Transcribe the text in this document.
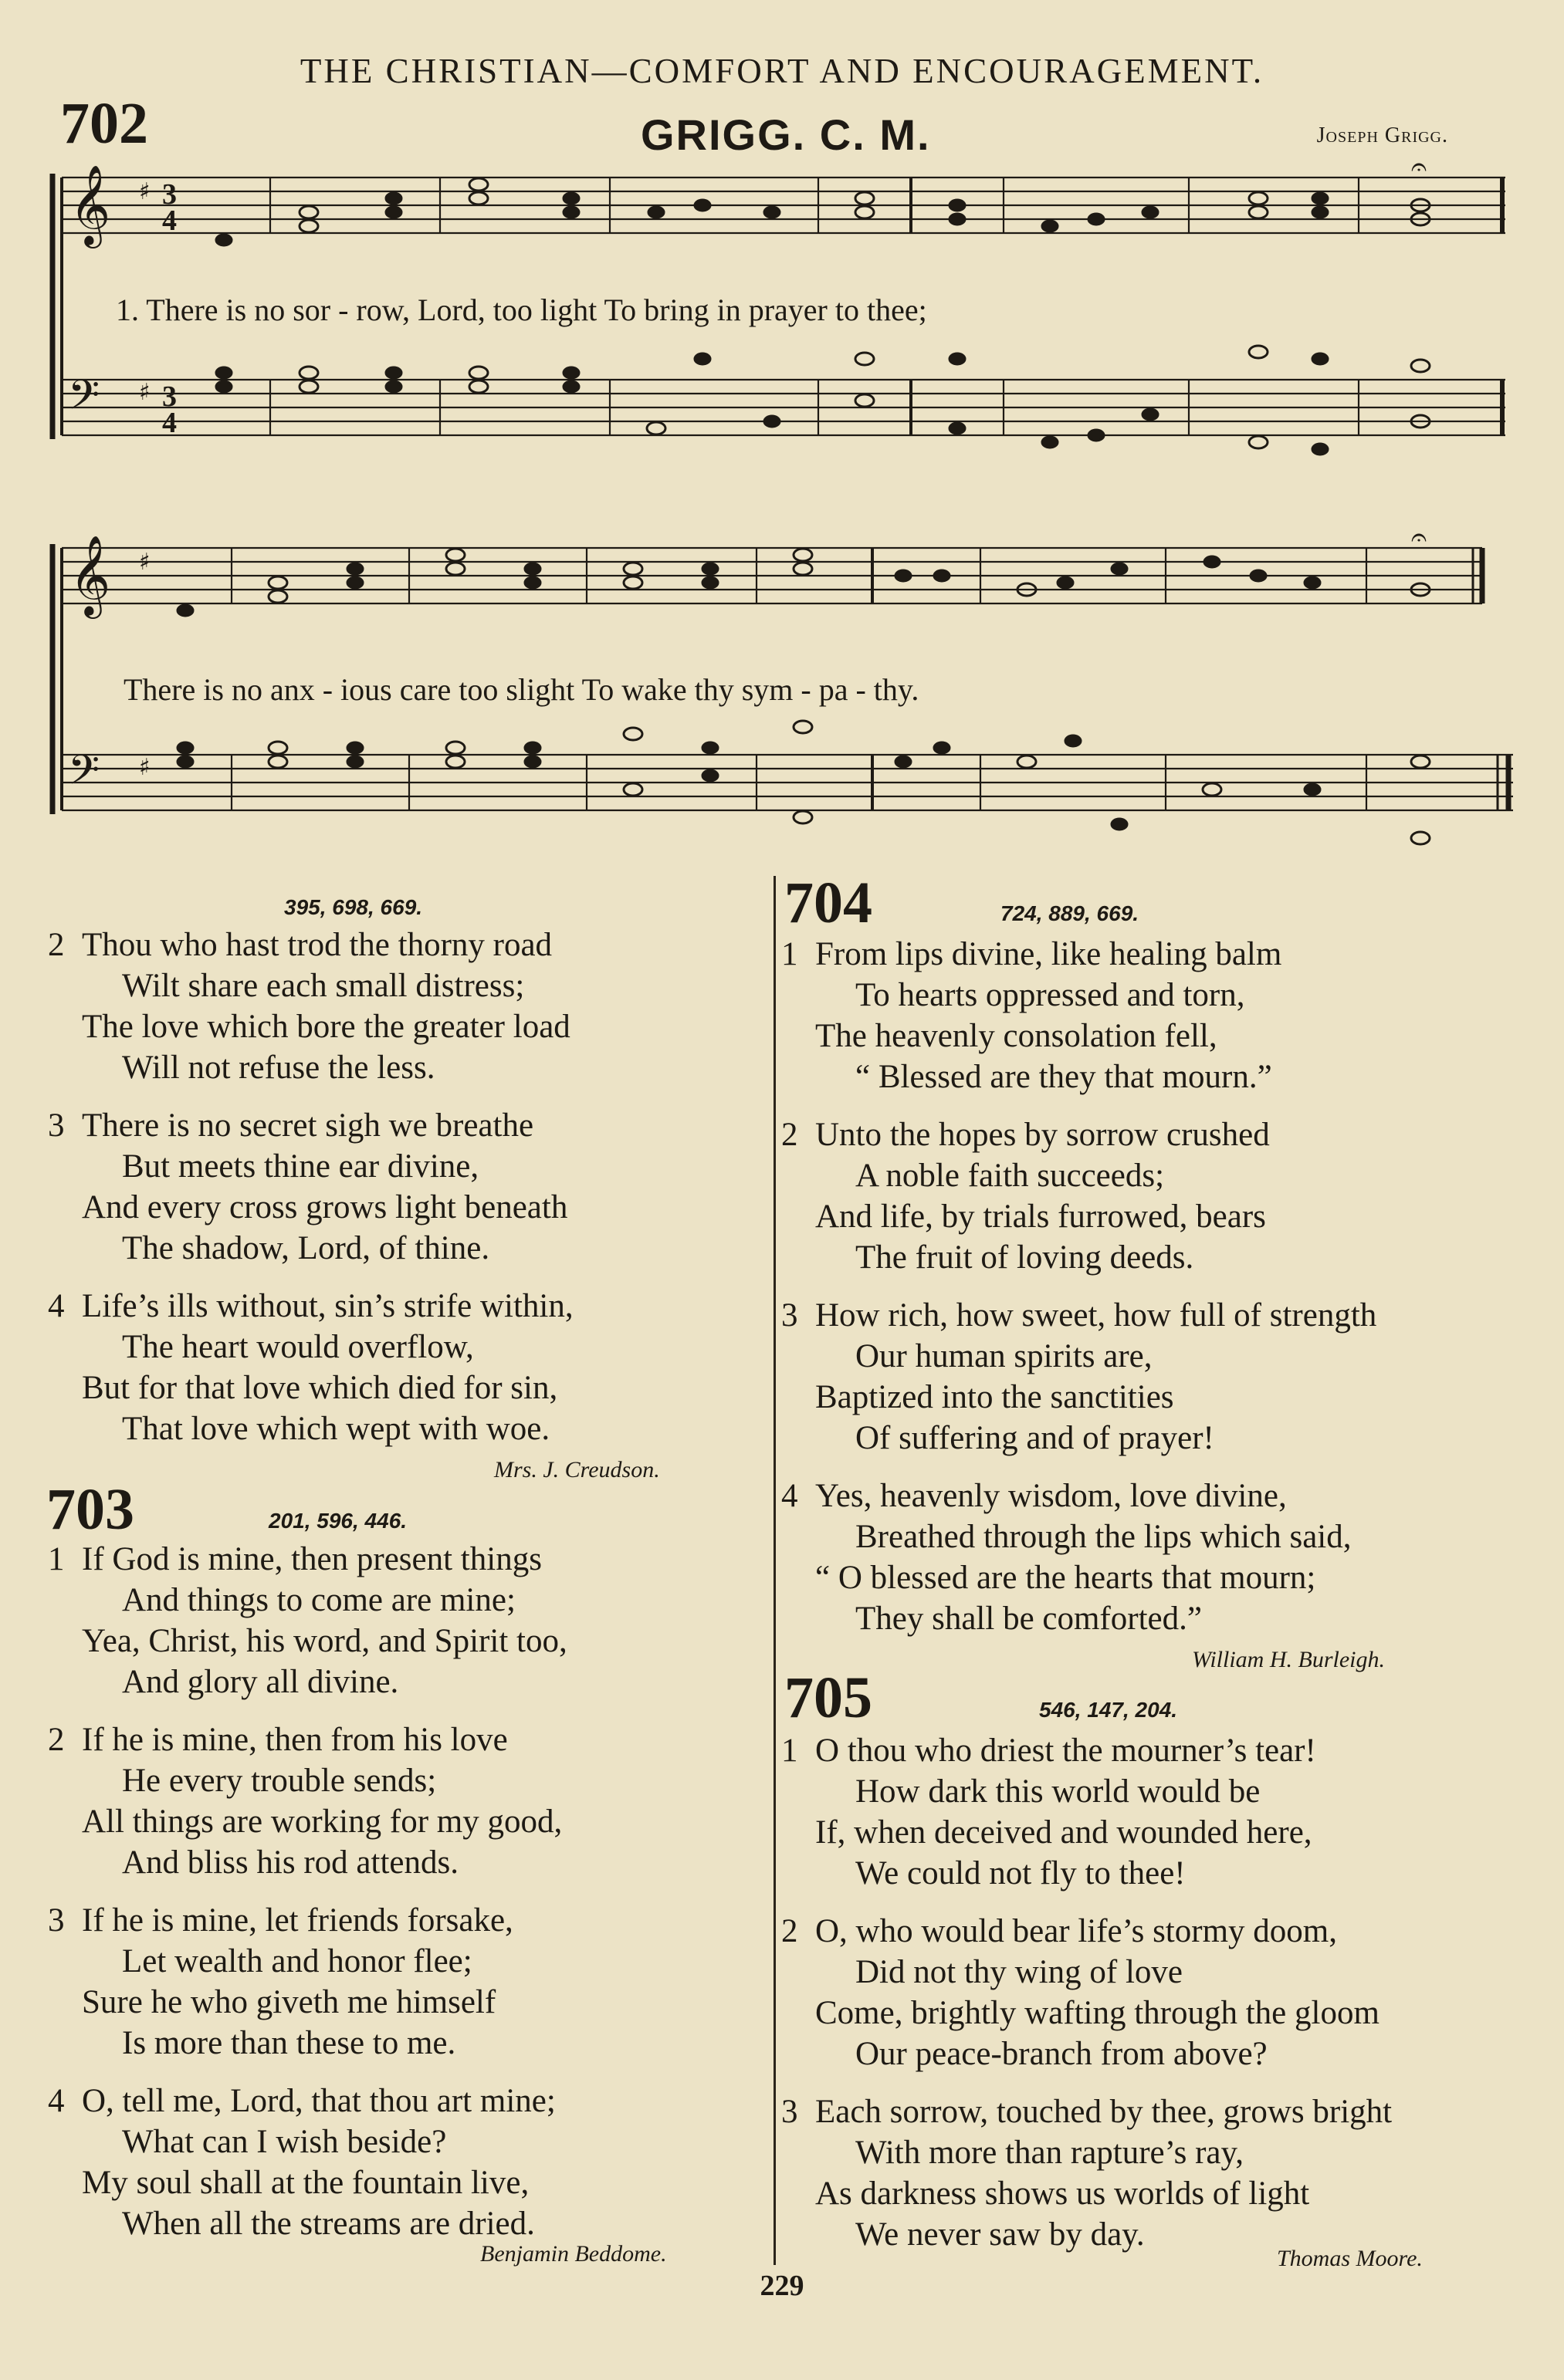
THE CHRISTIAN—COMFORT AND ENCOURAGEMENT.
702	GRIGG. C. M.	Joseph Grigg.
𝄞
𝄢
♯
♯
3
4
3
4
𝄐
1. There is no sor - row, Lord, too light To bring in prayer to thee;
𝄞
𝄢
♯
♯
𝄐
There is no anx - ious care too slight To wake thy sym - pa - thy.
395, 698, 669.
2 Thou who hast trod the thorny road
Wilt share each small distress;
The love which bore the greater load
Will not refuse the less.
3 There is no secret sigh we breathe
But meets thine ear divine,
And every cross grows light beneath
The shadow, Lord, of thine.
4 Life’s ills without, sin’s strife within,
The heart would overflow,
But for that love which died for sin,
That love which wept with woe.
Mrs. J. Creudson.
703	201, 596, 446.
1 If God is mine, then present things
And things to come are mine;
Yea, Christ, his word, and Spirit too,
And glory all divine.
2 If he is mine, then from his love
He every trouble sends;
All things are working for my good,
And bliss his rod attends.
3 If he is mine, let friends forsake,
Let wealth and honor flee;
Sure he who giveth me himself
Is more than these to me.
4 O, tell me, Lord, that thou art mine;
What can I wish beside?
My soul shall at the fountain live,
When all the streams are dried.
Benjamin Beddome.
704	724, 889, 669.
1 From lips divine, like healing balm
To hearts oppressed and torn,
The heavenly consolation fell,
“ Blessed are they that mourn.”
2 Unto the hopes by sorrow crushed
A noble faith succeeds;
And life, by trials furrowed, bears
The fruit of loving deeds.
3 How rich, how sweet, how full of strength
Our human spirits are,
Baptized into the sanctities
Of suffering and of prayer!
4 Yes, heavenly wisdom, love divine,
Breathed through the lips which said,
“ O blessed are the hearts that mourn;
They shall be comforted.”
William H. Burleigh.
705	546, 147, 204.
1 O thou who driest the mourner’s tear!
How dark this world would be
If, when deceived and wounded here,
We could not fly to thee!
2 O, who would bear life’s stormy doom,
Did not thy wing of love
Come, brightly wafting through the gloom
Our peace-branch from above?
3 Each sorrow, touched by thee, grows bright
With more than rapture’s ray,
As darkness shows us worlds of light
We never saw by day.
Thomas Moore.
229
